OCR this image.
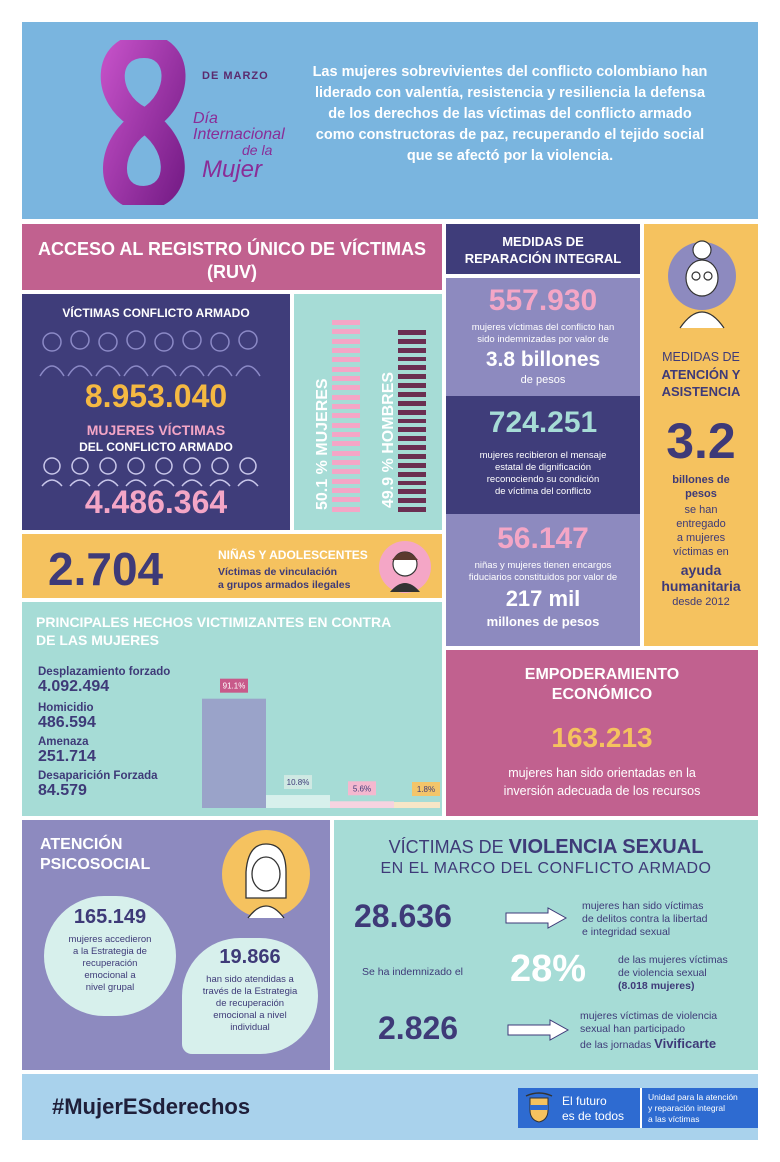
DE MARZO
Día
Internacional
de la
Mujer
Las mujeres sobrevivientes del conflicto colombiano han liderado con valentía, resistencia y resiliencia la defensa de los derechos de las víctimas del conflicto armado como constructoras de paz, recuperando el tejido social que se afectó por la violencia.
ACCESO AL REGISTRO ÚNICO DE VÍCTIMAS (RUV)
VÍCTIMAS CONFLICTO ARMADO
8.953.040
MUJERES VÍCTIMAS
DEL CONFLICTO ARMADO
4.486.364	50.1 % MUJERES	49.9 % HOMBRES
2.704	NIÑAS Y ADOLESCENTES
Víctimas de vinculación
a grupos armados ilegales
PRINCIPALES HECHOS VICTIMIZANTES EN CONTRA
DE LAS MUJERES
Desplazamiento forzado
4.092.494
Homicidio
486.594
Amenaza
251.714
Desaparición Forzada
84.579
91.1%
10.8%
5.6%	1.8%
MEDIDAS DE
REPARACIÓN INTEGRAL
557.930
mujeres víctimas del conflicto han
sido indemnizadas por valor de
3.8 billones
de pesos
724.251
mujeres recibieron el mensaje
estatal de dignificación
reconociendo su condición
de víctima del conflicto
56.147
niñas y mujeres tienen encargos
fiduciarios constituidos por valor de
217 mil
millones de pesos
MEDIDAS DE
ATENCIÓN Y
ASISTENCIA
3.2
billones de
pesos
se han
entregado
a mujeres
víctimas en
ayuda
humanitaria
desde 2012
EMPODERAMIENTO
ECONÓMICO
163.213
mujeres han sido orientadas en la
inversión adecuada de los recursos
ATENCIÓN
PSICOSOCIAL
165.149
mujeres accedieron
a la Estrategia de
recuperación
emocional a
nivel grupal
19.866
han sido atendidas a
través de la Estrategia
de recuperación
emocional a nivel
individual
VÍCTIMAS DE VIOLENCIA SEXUAL
EN EL MARCO DEL CONFLICTO ARMADO
28.636	mujeres han sido víctimas
de delitos contra la libertad
e integridad sexual
Se ha indemnizado el 28%	de las mujeres víctimas
de violencia sexual
(8.018 mujeres)
2.826	mujeres víctimas de violencia
sexual han participado
de las jornadas Vivificarte
#MujerESderechos	El futuro
es de todos
Unidad para la atención
y reparación integral
a las víctimas
